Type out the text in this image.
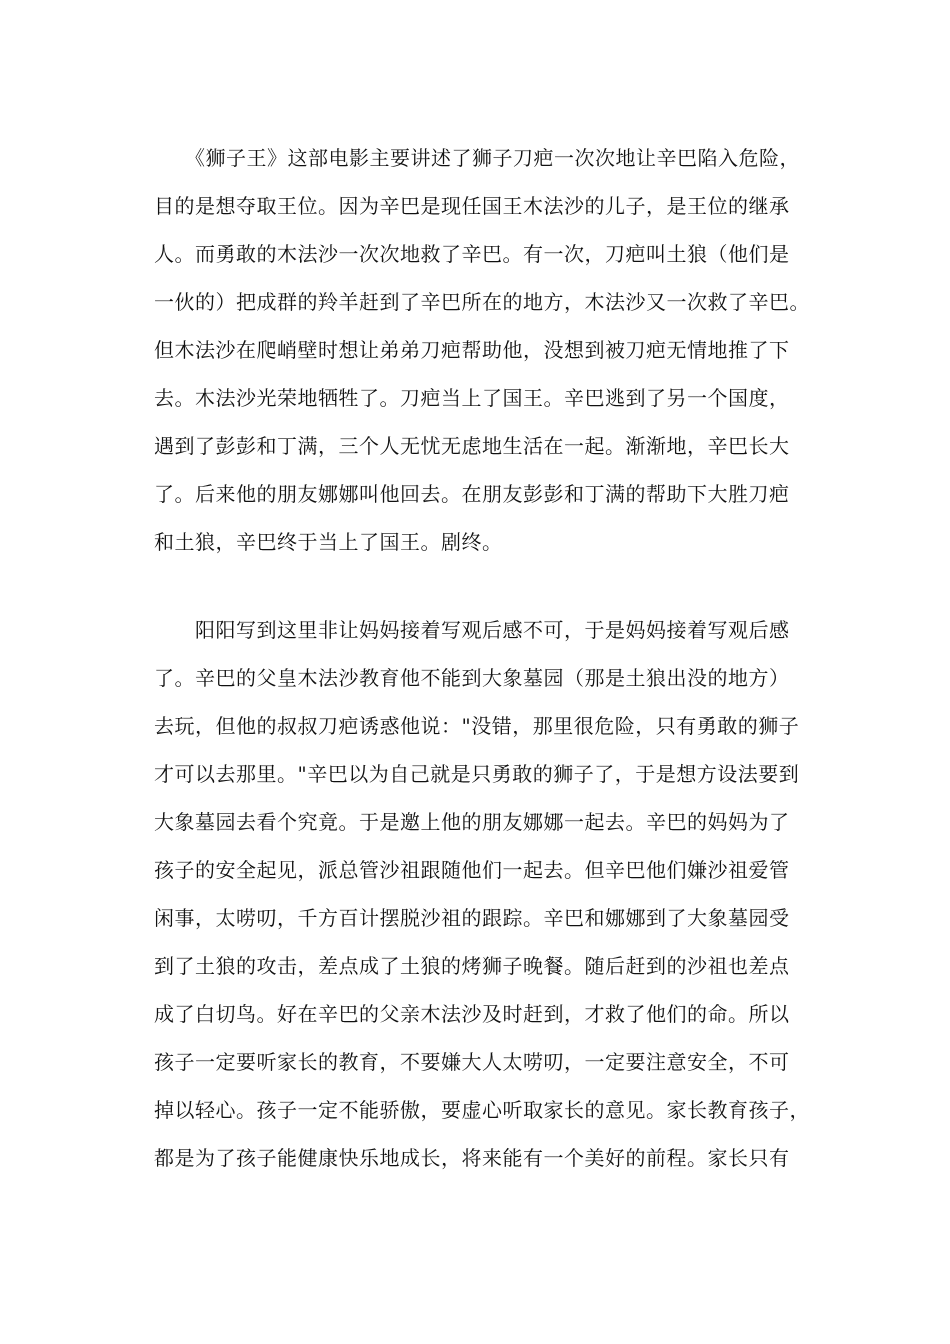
　　《狮子王》这部电影主要讲述了狮子刀疤一次次地让辛巴陷入危险，
目的是想夺取王位。因为辛巴是现任国王木法沙的儿子，是王位的继承
人。而勇敢的木法沙一次次地救了辛巴。有一次，刀疤叫土狼（他们是
一伙的）把成群的羚羊赶到了辛巴所在的地方，木法沙又一次救了辛巴。
但木法沙在爬峭壁时想让弟弟刀疤帮助他，没想到被刀疤无情地推了下
去。木法沙光荣地牺牲了。刀疤当上了国王。辛巴逃到了另一个国度，
遇到了彭彭和丁满，三个人无忧无虑地生活在一起。渐渐地，辛巴长大
了。后来他的朋友娜娜叫他回去。在朋友彭彭和丁满的帮助下大胜刀疤
和土狼，辛巴终于当上了国王。剧终。
　　阳阳写到这里非让妈妈接着写观后感不可，于是妈妈接着写观后感
了。辛巴的父皇木法沙教育他不能到大象墓园（那是土狼出没的地方）
去玩，但他的叔叔刀疤诱惑他说："没错，那里很危险，只有勇敢的狮子
才可以去那里。"辛巴以为自己就是只勇敢的狮子了，于是想方设法要到
大象墓园去看个究竟。于是邀上他的朋友娜娜一起去。辛巴的妈妈为了
孩子的安全起见，派总管沙祖跟随他们一起去。但辛巴他们嫌沙祖爱管
闲事，太唠叨，千方百计摆脱沙祖的跟踪。辛巴和娜娜到了大象墓园受
到了土狼的攻击，差点成了土狼的烤狮子晚餐。随后赶到的沙祖也差点
成了白切鸟。好在辛巴的父亲木法沙及时赶到，才救了他们的命。所以
孩子一定要听家长的教育，不要嫌大人太唠叨，一定要注意安全，不可
掉以轻心。孩子一定不能骄傲，要虚心听取家长的意见。家长教育孩子，
都是为了孩子能健康快乐地成长，将来能有一个美好的前程。家长只有
